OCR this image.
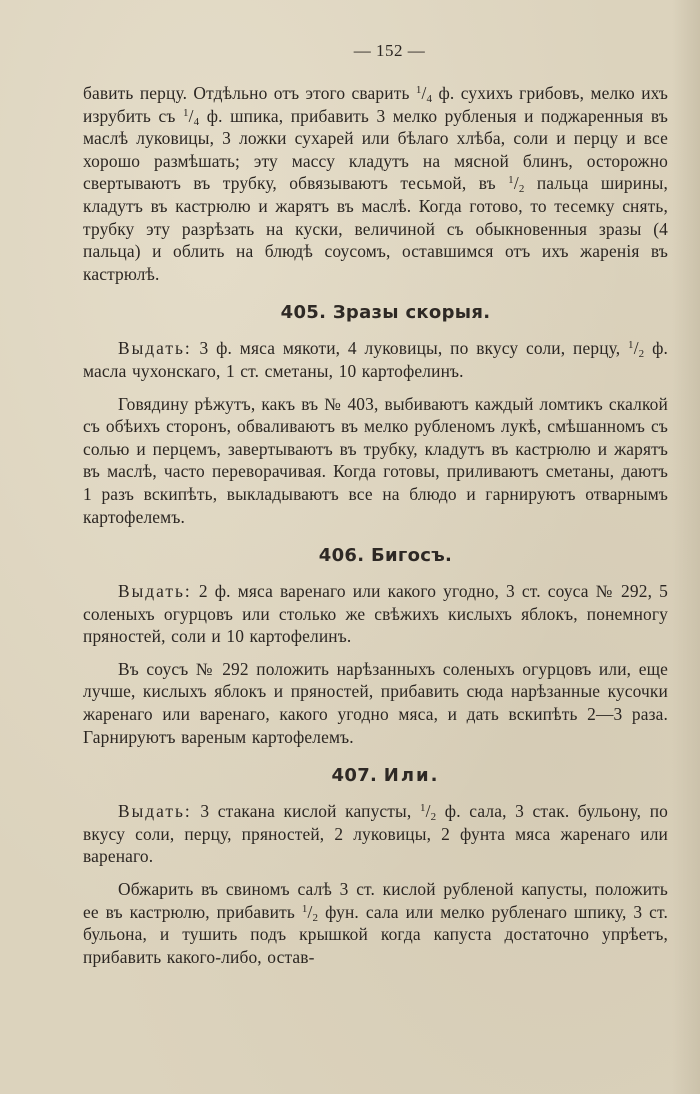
— 152 —

бавить перцу. Отдѣльно отъ этого сварить $^1/_4$ ф. сухихъ грибовъ, мелко ихъ изрубить съ $^1/_4$ ф. шпика, прибавить 3 мелко рубленыя и поджаренныя въ маслѣ луковицы, 3 ложки сухарей или бѣлаго хлѣба, соли и перцу и все хорошо размѣшать; эту массу кладутъ на мясной блинъ, осторожно свертываютъ въ трубку, обвязываютъ тесьмой, въ $^1/_2$ пальца ширины, кладутъ въ кастрюлю и жарятъ въ маслѣ. Когда готово, то тесемку снять, трубку эту разрѣзать на куски, величиной съ обыкновенныя зразы (4 пальца) и облить на блюдѣ соусомъ, оставшимся отъ ихъ жаренія въ кастрюлѣ.

405. Зразы скорыя.

Выдать: 3 ф. мяса мякоти, 4 луковицы, по вкусу соли, перцу, $^1/_2$ ф. масла чухонскаго, 1 ст. сметаны, 10 картофелинъ.

Говядину рѣжутъ, какъ въ № 403, выбиваютъ каждый ломтикъ скалкой съ обѣихъ сторонъ, обваливаютъ въ мелко рубленомъ лукѣ, смѣшанномъ съ солью и перцемъ, завертываютъ въ трубку, кладутъ въ кастрюлю и жарятъ въ маслѣ, часто переворачивая. Когда готовы, приливаютъ сметаны, даютъ 1 разъ вскипѣть, выкладываютъ все на блюдо и гарнируютъ отварнымъ картофелемъ.

406. Бигосъ.

Выдать: 2 ф. мяса варенаго или какого угодно, 3 ст. соуса № 292, 5 соленыхъ огурцовъ или столько же свѣжихъ кислыхъ яблокъ, понемногу пряностей, соли и 10 картофелинъ.

Въ соусъ № 292 положить нарѣзанныхъ соленыхъ огурцовъ или, еще лучше, кислыхъ яблокъ и пряностей, прибавить сюда нарѣзанные кусочки жаренаго или варенаго, какого угодно мяса, и дать вскипѣть 2—3 раза. Гарнируютъ вареным картофелемъ.

407. Или.

Выдать: 3 стакана кислой капусты, $^1/_2$ ф. сала, 3 стак. бульону, по вкусу соли, перцу, пряностей, 2 луковицы, 2 фунта мяса жаренаго или варенаго.

Обжарить въ свиномъ салѣ 3 ст. кислой рубленой капусты, положить ее въ кастрюлю, прибавить $^1/_2$ фун. сала или мелко рубленаго шпику, 3 ст. бульона, и тушить подъ крышкой когда капуста достаточно упрѣетъ, прибавить какого-либо, остав-
